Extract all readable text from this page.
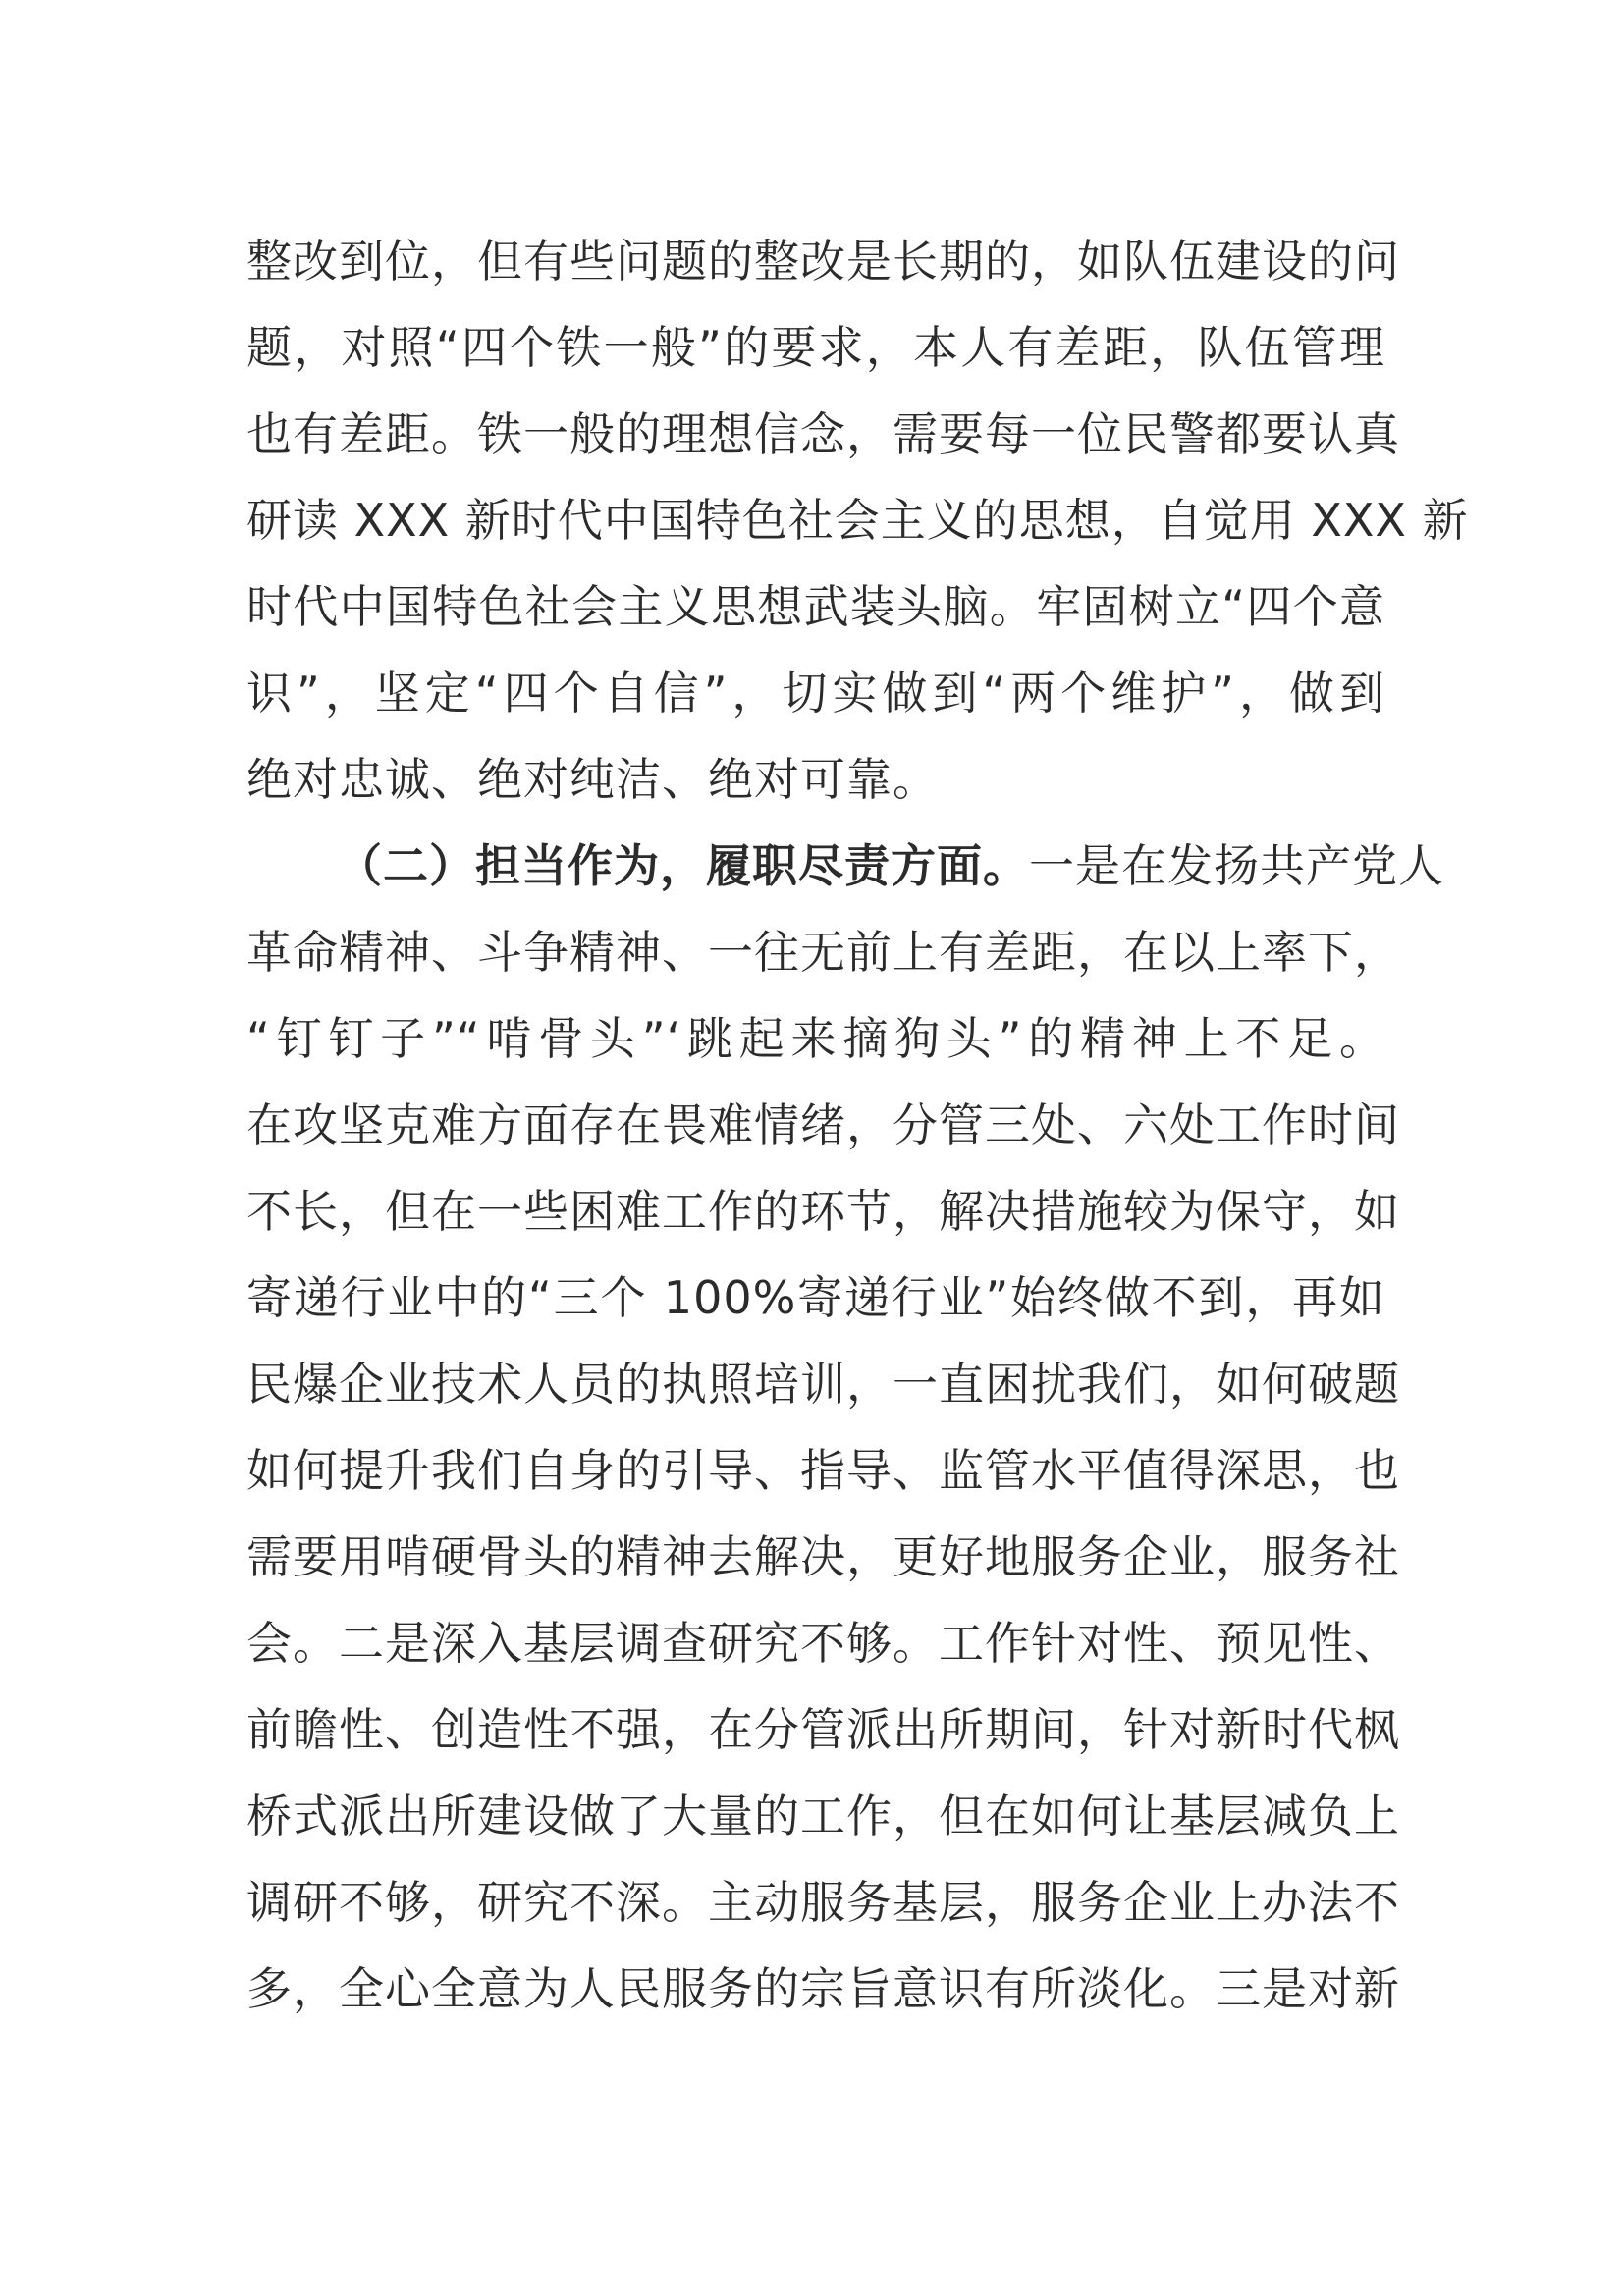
整改到位，但有些问题的整改是长期的，如队伍建设的问
题，对照“四个铁一般”的要求，本人有差距，队伍管理
也有差距。铁一般的理想信念，需要每一位民警都要认真
研读 XXX 新时代中国特色社会主义的思想，自觉用 XXX 新
时代中国特色社会主义思想武装头脑。牢固树立“四个意
识”，坚定“四个自信”，切实做到“两个维护”，做到
绝对忠诚、绝对纯洁、绝对可靠。
（二）担当作为，履职尽责方面。一是在发扬共产党人
革命精神、斗争精神、一往无前上有差距，在以上率下，
“钉钉子”“啃骨头”‘跳起来摘狗头”的精神上不足。
在攻坚克难方面存在畏难情绪，分管三处、六处工作时间
不长，但在一些困难工作的环节，解决措施较为保守，如
寄递行业中的“三个 100%寄递行业”始终做不到，再如
民爆企业技术人员的执照培训，一直困扰我们，如何破题
如何提升我们自身的引导、指导、监管水平值得深思，也
需要用啃硬骨头的精神去解决，更好地服务企业，服务社
会。二是深入基层调查研究不够。工作针对性、预见性、
前瞻性、创造性不强，在分管派出所期间，针对新时代枫
桥式派出所建设做了大量的工作，但在如何让基层减负上
调研不够，研究不深。主动服务基层，服务企业上办法不
多，全心全意为人民服务的宗旨意识有所淡化。三是对新
